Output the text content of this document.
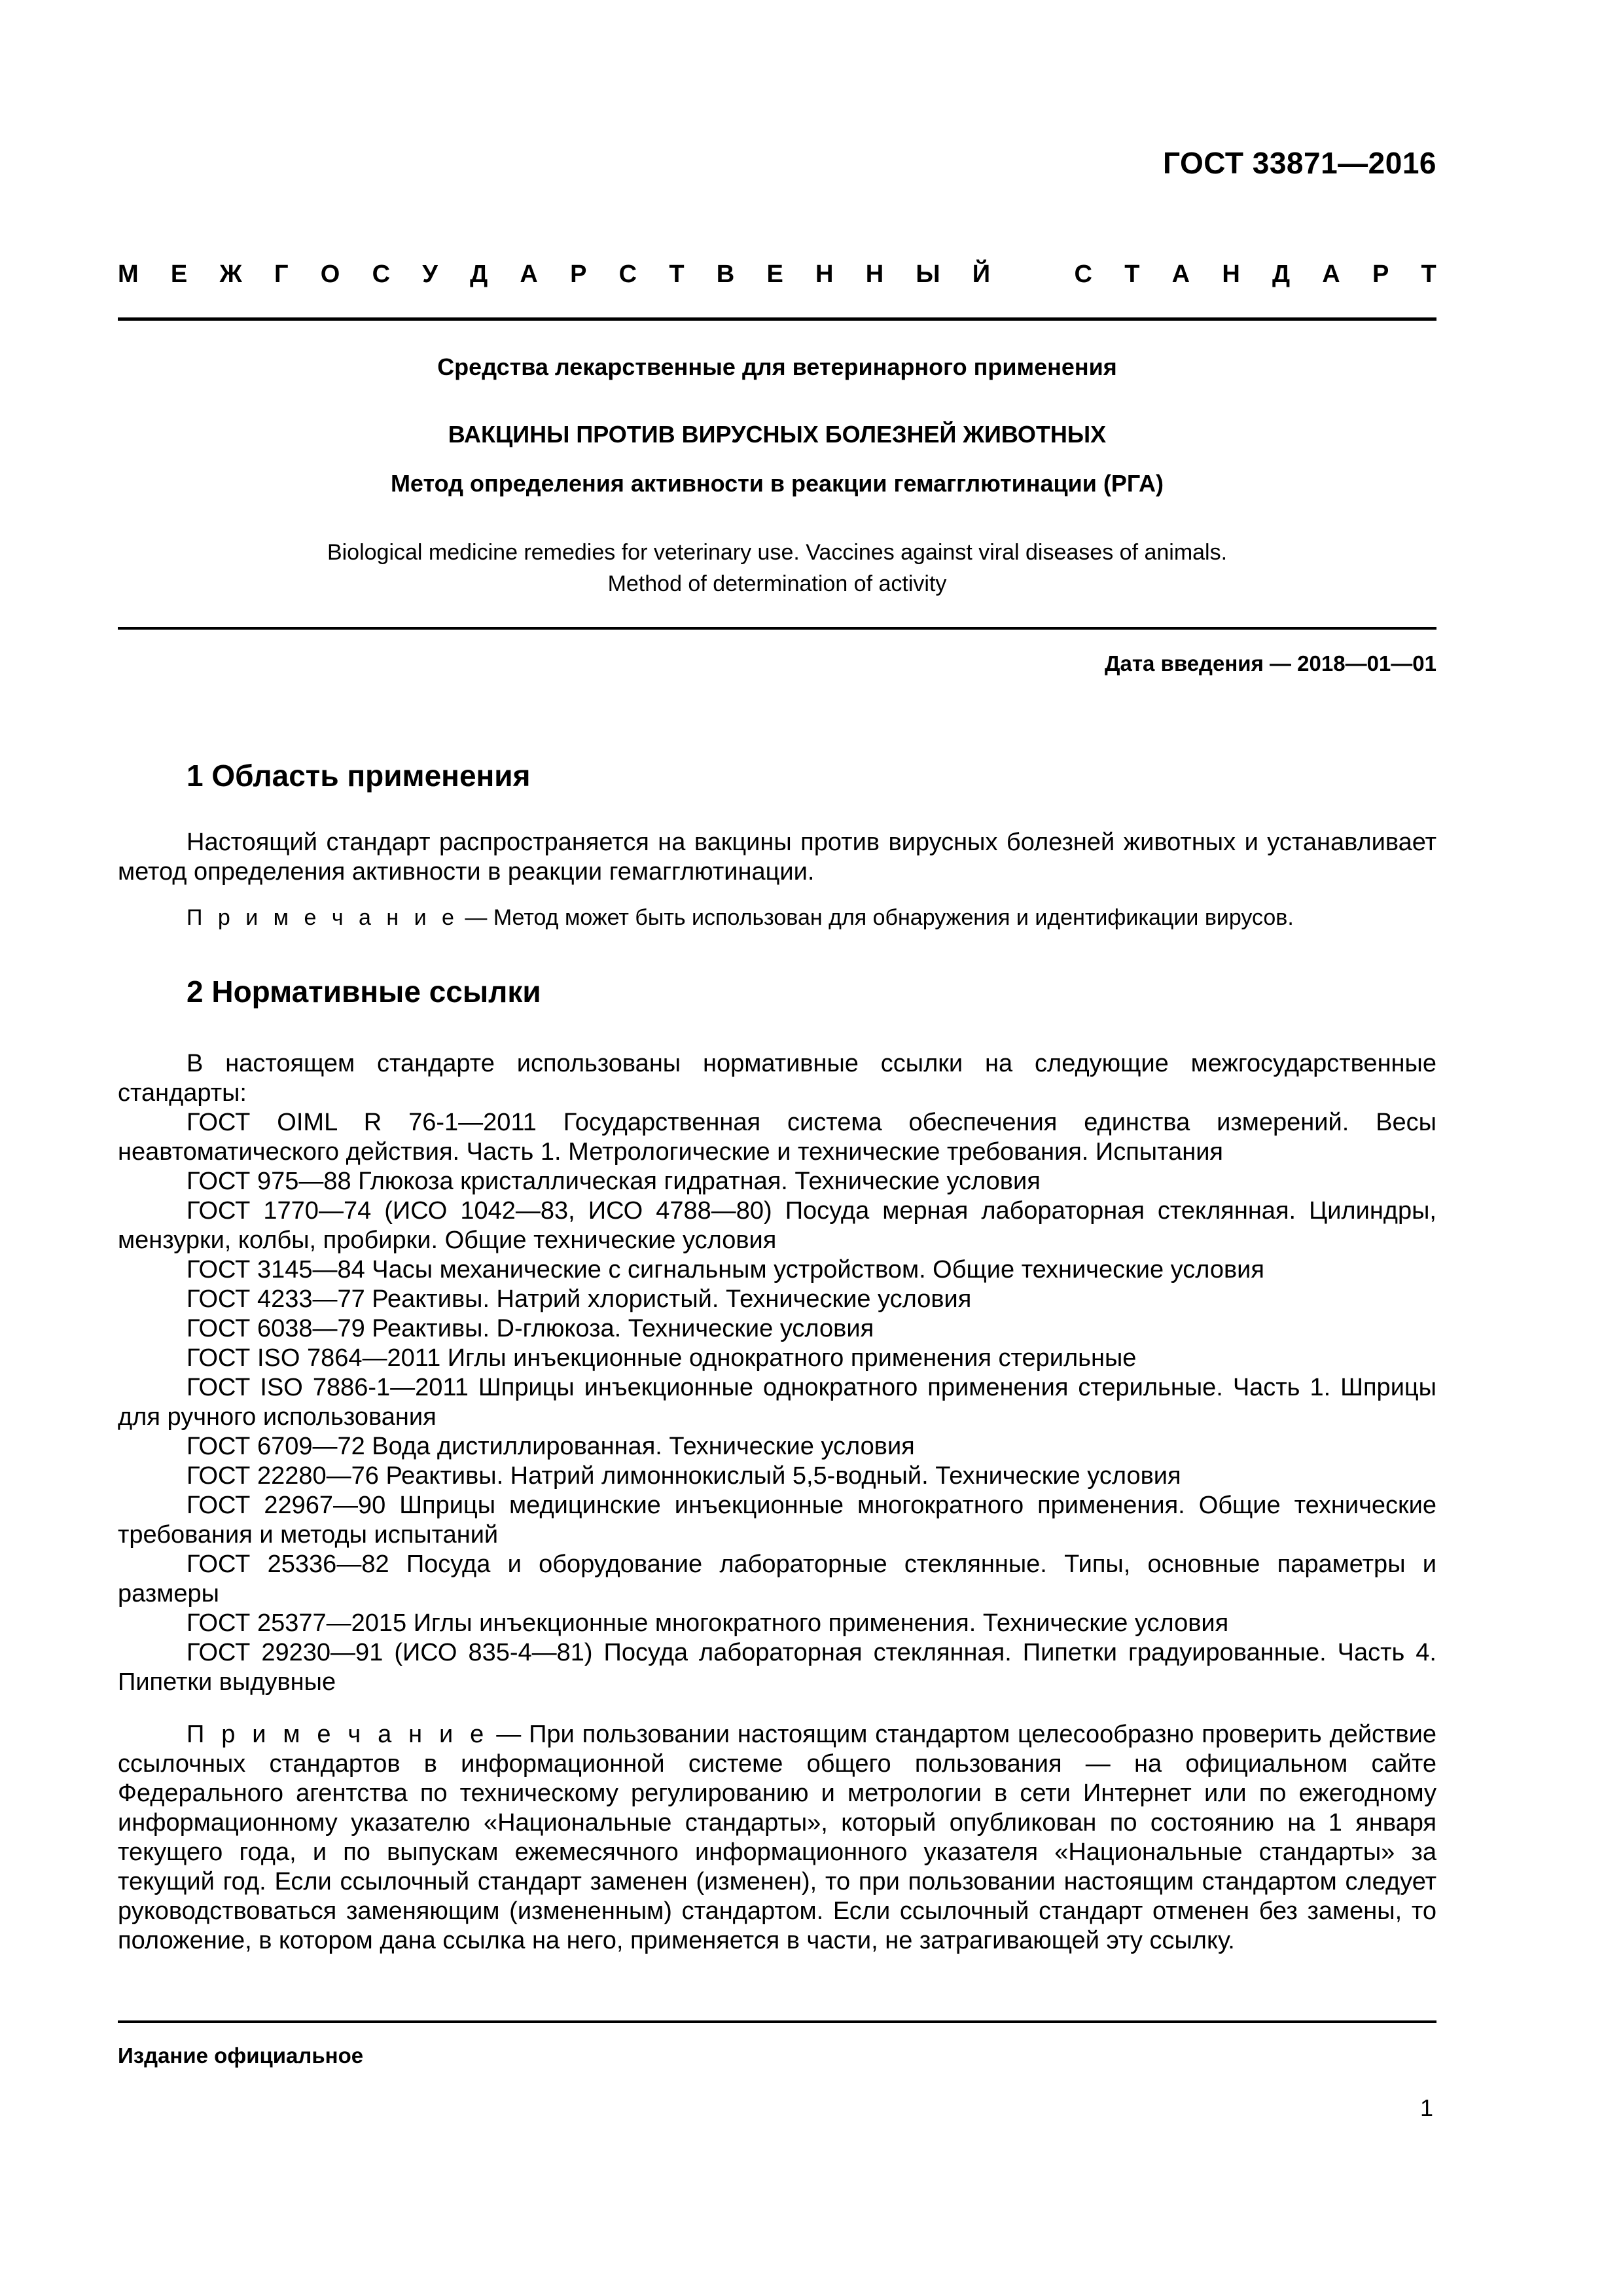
ГОСТ 33871—2016
М Е Ж Г О С У Д А Р С Т В Е Н Н Ы Й	С Т А Н Д А Р Т
Средства лекарственные для ветеринарного применения
ВАКЦИНЫ ПРОТИВ ВИРУСНЫХ БОЛЕЗНЕЙ ЖИВОТНЫХ
Метод определения активности в реакции гемагглютинации (РГА)
Biological medicine remedies for veterinary use. Vaccines against viral diseases of animals.
Method of determination of activity
Дата введения — 2018—01—01
1 Область применения

Настоящий стандарт распространяется на вакцины против вирусных болезней животных и устанавливает метод определения активности в реакции гемагглютинации.

П р и м е ч а н и е — Метод может быть использован для обнаружения и идентификации вирусов.
2 Нормативные ссылки

В настоящем стандарте использованы нормативные ссылки на следующие межгосударственные стандарты:

ГОСТ OIML R 76-1—2011 Государственная система обеспечения единства измерений. Весы неавтоматического действия. Часть 1. Метрологические и технические требования. Испытания

ГОСТ 975—88 Глюкоза кристаллическая гидратная. Технические условия

ГОСТ 1770—74 (ИСО 1042—83, ИСО 4788—80) Посуда мерная лабораторная стеклянная. Цилиндры, мензурки, колбы, пробирки. Общие технические условия

ГОСТ 3145—84 Часы механические с сигнальным устройством. Общие технические условия

ГОСТ 4233—77 Реактивы. Натрий хлористый. Технические условия

ГОСТ 6038—79 Реактивы. D-глюкоза. Технические условия

ГОСТ ISO 7864—2011 Иглы инъекционные однократного применения стерильные

ГОСТ ISO 7886-1—2011 Шприцы инъекционные однократного применения стерильные. Часть 1. Шприцы для ручного использования

ГОСТ 6709—72 Вода дистиллированная. Технические условия

ГОСТ 22280—76 Реактивы. Натрий лимоннокислый 5,5-водный. Технические условия

ГОСТ 22967—90 Шприцы медицинские инъекционные многократного применения. Общие технические требования и методы испытаний

ГОСТ 25336—82 Посуда и оборудование лабораторные стеклянные. Типы, основные параметры и размеры

ГОСТ 25377—2015 Иглы инъекционные многократного применения. Технические условия

ГОСТ 29230—91 (ИСО 835-4—81) Посуда лабораторная стеклянная. Пипетки градуированные. Часть 4. Пипетки выдувные

П р и м е ч а н и е — При пользовании настоящим стандартом целесообразно проверить действие ссылочных стандартов в информационной системе общего пользования — на официальном сайте Федерального агентства по техническому регулированию и метрологии в сети Интернет или по ежегодному информационному указателю «Национальные стандарты», который опубликован по состоянию на 1 января текущего года, и по выпускам ежемесячного информационного указателя «Национальные стандарты» за текущий год. Если ссылочный стандарт заменен (изменен), то при пользовании настоящим стандартом следует руководствоваться заменяющим (измененным) стандартом. Если ссылочный стандарт отменен без замены, то положение, в котором дана ссылка на него, применяется в части, не затрагивающей эту ссылку.

Издание официальное
1
